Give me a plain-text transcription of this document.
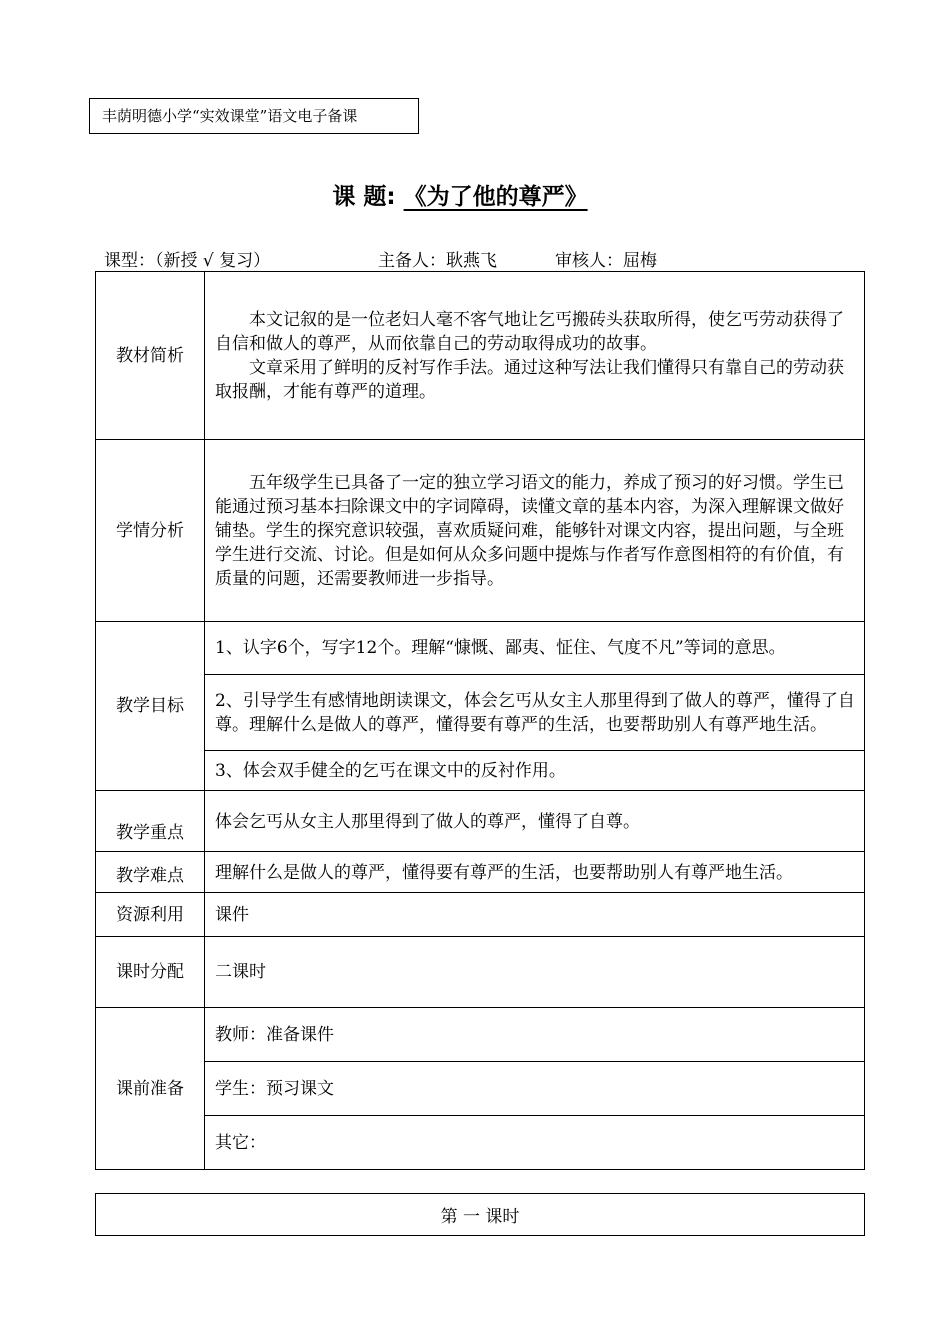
丰荫明德小学“实效课堂”语文电子备课
课 题: 《为了他的尊严》
课型：（新授 √ 复习）	主备人：耿燕飞	审核人：屈梅
教材简析	本文记叙的是一位老妇人毫不客气地让乞丐搬砖头获取所得，使乞丐劳动获得了自信和做人的尊严，从而依靠自己的劳动取得成功的故事。

文章采用了鲜明的反衬写作手法。通过这种写法让我们懂得只有靠自己的劳动获取报酬，才能有尊严的道理。

学情分析	五年级学生已具备了一定的独立学习语文的能力，养成了预习的好习惯。学生已能通过预习基本扫除课文中的字词障碍，读懂文章的基本内容，为深入理解课文做好铺垫。学生的探究意识较强，喜欢质疑问难，能够针对课文内容，提出问题，与全班学生进行交流、讨论。但是如何从众多问题中提炼与作者写作意图相符的有价值，有质量的问题，还需要教师进一步指导。

教学目标	1、认字6个，写字12个。理解“慷慨、鄙夷、怔住、气度不凡”等词的意思。
	2、引导学生有感情地朗读课文，体会乞丐从女主人那里得到了做人的尊严，懂得了自尊。理解什么是做人的尊严，懂得要有尊严的生活，也要帮助别人有尊严地生活。
	3、体会双手健全的乞丐在课文中的反衬作用。
教学重点	体会乞丐从女主人那里得到了做人的尊严，懂得了自尊。
教学难点	理解什么是做人的尊严，懂得要有尊严的生活，也要帮助别人有尊严地生活。
资源利用	课件
课时分配	二课时
课前准备	教师：准备课件
	学生：预习课文
	其它：
第 一 课时
